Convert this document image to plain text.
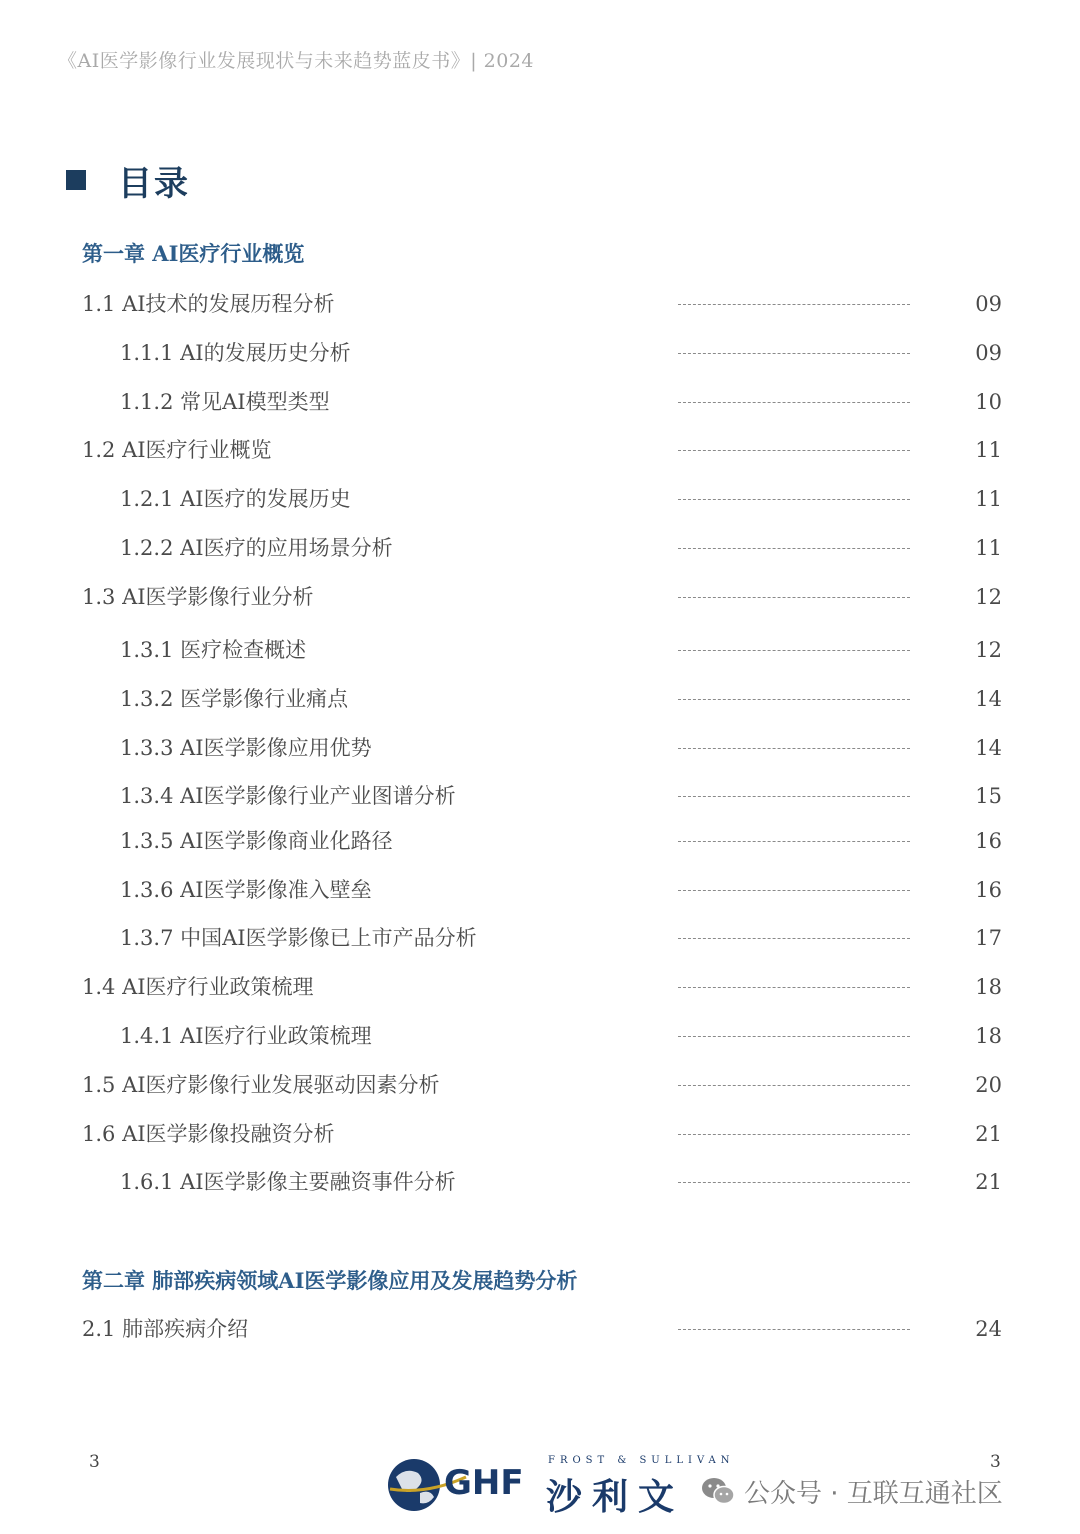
《AI医学影像行业发展现状与未来趋势蓝皮书》| 2024
目录
第一章 AI医疗行业概览
1.1 AI技术的发展历程分析	09
1.1.1 AI的发展历史分析	09
1.1.2 常见AI模型类型	10
1.2 AI医疗行业概览	11
1.2.1 AI医疗的发展历史	11
1.2.2 AI医疗的应用场景分析	11
1.3 AI医学影像行业分析	12
1.3.1 医疗检查概述	12
1.3.2 医学影像行业痛点	14
1.3.3 AI医学影像应用优势	14
1.3.4 AI医学影像行业产业图谱分析	15
1.3.5 AI医学影像商业化路径	16
1.3.6 AI医学影像准入壁垒	16
1.3.7 中国AI医学影像已上市产品分析	17
1.4 AI医疗行业政策梳理	18
1.4.1 AI医疗行业政策梳理	18
1.5 AI医疗影像行业发展驱动因素分析	20
1.6 AI医学影像投融资分析	21
1.6.1 AI医学影像主要融资事件分析	21
第二章 肺部疾病领域AI医学影像应用及发展趋势分析
2.1 肺部疾病介绍	24
3	3
GHF
FROST & SULLIVAN
沙利文 公众号 · 互联互通社区
